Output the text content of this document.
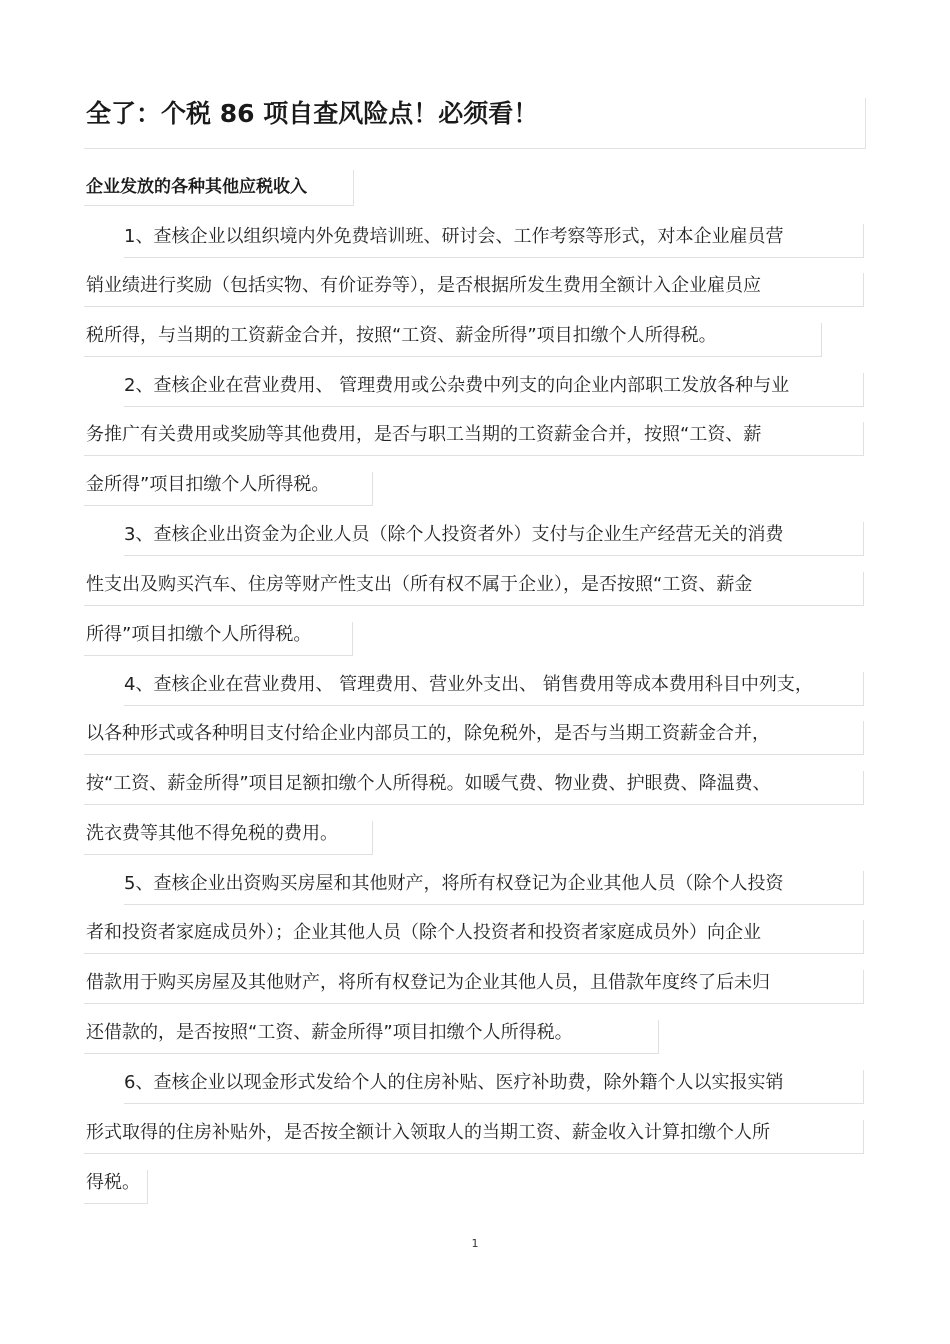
全了：个税 86 项自查风险点！必须看！
企业发放的各种其他应税收入
1、查核企业以组织境内外免费培训班、研讨会、工作考察等形式，对本企业雇员营
销业绩进行奖励（包括实物、有价证券等），是否根据所发生费用全额计入企业雇员应
税所得，与当期的工资薪金合并，按照“工资、薪金所得”项目扣缴个人所得税。
2、查核企业在营业费用、 管理费用或公杂费中列支的向企业内部职工发放各种与业
务推广有关费用或奖励等其他费用，是否与职工当期的工资薪金合并，按照“工资、薪
金所得”项目扣缴个人所得税。
3、查核企业出资金为企业人员（除个人投资者外）支付与企业生产经营无关的消费
性支出及购买汽车、住房等财产性支出（所有权不属于企业），是否按照“工资、薪金
所得”项目扣缴个人所得税。
4、查核企业在营业费用、 管理费用、营业外支出、 销售费用等成本费用科目中列支，
以各种形式或各种明目支付给企业内部员工的，除免税外，是否与当期工资薪金合并，
按“工资、薪金所得”项目足额扣缴个人所得税。如暖气费、物业费、护眼费、降温费、
洗衣费等其他不得免税的费用。
5、查核企业出资购买房屋和其他财产，将所有权登记为企业其他人员（除个人投资
者和投资者家庭成员外）；企业其他人员（除个人投资者和投资者家庭成员外）向企业
借款用于购买房屋及其他财产，将所有权登记为企业其他人员，且借款年度终了后未归
还借款的，是否按照“工资、薪金所得”项目扣缴个人所得税。
6、查核企业以现金形式发给个人的住房补贴、医疗补助费，除外籍个人以实报实销
形式取得的住房补贴外，是否按全额计入领取人的当期工资、薪金收入计算扣缴个人所
得税。
1
